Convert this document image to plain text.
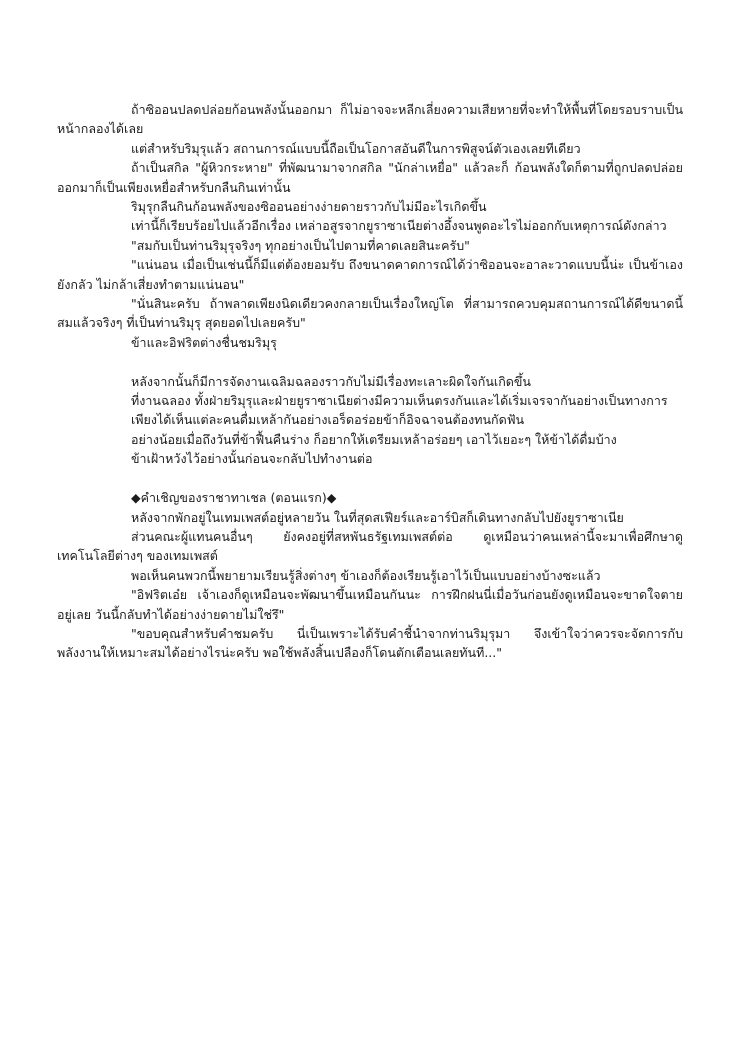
ถ้าซิออนปลดปล่อยก้อนพลังนั้นออกมา ก็ไม่อาจจะหลีกเลี่ยงความเสียหายที่จะทำให้พื้นที่โดยรอบราบเป็นหน้ากลองได้เลย

แต่สำหรับริมุรุแล้ว สถานการณ์แบบนี้ถือเป็นโอกาสอันดีในการพิสูจน์ตัวเองเลยทีเดียว

ถ้าเป็นสกิล "ผู้หิวกระหาย" ที่พัฒนามาจากสกิล "นักล่าเหยื่อ" แล้วละก็ ก้อนพลังใดก็ตามที่ถูกปลดปล่อยออกมาก็เป็นเพียงเหยื่อสำหรับกลืนกินเท่านั้น

ริมุรุกลืนกินก้อนพลังของซิออนอย่างง่ายดายราวกับไม่มีอะไรเกิดขึ้น

เท่านี้ก็เรียบร้อยไปแล้วอีกเรื่อง เหล่าอสูรจากยูราซาเนียต่างอึ้งจนพูดอะไรไม่ออกกับเหตุการณ์ดังกล่าว

"สมกับเป็นท่านริมุรุจริงๆ ทุกอย่างเป็นไปตามที่คาดเลยสินะครับ"

"แน่นอน เมื่อเป็นเช่นนี้ก็มีแต่ต้องยอมรับ ถึงขนาดคาดการณ์ได้ว่าซิออนจะอาละวาดแบบนี้น่ะ เป็นข้าเองยังกลัว ไม่กล้าเสี่ยงทำตามแน่นอน"

"นั่นสินะครับ ถ้าพลาดเพียงนิดเดียวคงกลายเป็นเรื่องใหญ่โต ที่สามารถควบคุมสถานการณ์ได้ดีขนาดนี้ สมแล้วจริงๆ ที่เป็นท่านริมุรุ สุดยอดไปเลยครับ"

ข้าและอิฟริตต่างชื่นชมริมุรุ

หลังจากนั้นก็มีการจัดงานเฉลิมฉลองราวกับไม่มีเรื่องทะเลาะผิดใจกันเกิดขึ้น

ที่งานฉลอง ทั้งฝ่ายริมุรุและฝ่ายยูราซาเนียต่างมีความเห็นตรงกันและได้เริ่มเจรจากันอย่างเป็นทางการ

เพียงได้เห็นแต่ละคนดื่มเหล้ากันอย่างเอร็ดอร่อยข้าก็อิจฉาจนต้องทนกัดฟัน

อย่างน้อยเมื่อถึงวันที่ข้าฟื้นคืนร่าง ก็อยากให้เตรียมเหล้าอร่อยๆ เอาไว้เยอะๆ ให้ข้าได้ดื่มบ้าง

ข้าเฝ้าหวังไว้อย่างนั้นก่อนจะกลับไปทำงานต่อ

◆คำเชิญของราชาทาเชล (ตอนแรก)◆

หลังจากพักอยู่ในเทมเพสต์อยู่หลายวัน ในที่สุดสเฟียร์และอาร์บิสก็เดินทางกลับไปยังยูราซาเนีย

ส่วนคณะผู้แทนคนอื่นๆ ยังคงอยู่ที่สหพันธรัฐเทมเพสต์ต่อ ดูเหมือนว่าคนเหล่านี้จะมาเพื่อศึกษาดูเทคโนโลยีต่างๆ ของเทมเพสต์

พอเห็นคนพวกนี้พยายามเรียนรู้สิ่งต่างๆ ข้าเองก็ต้องเรียนรู้เอาไว้เป็นแบบอย่างบ้างซะแล้ว

"อิฟริตเอ๋ย เจ้าเองก็ดูเหมือนจะพัฒนาขึ้นเหมือนกันนะ การฝึกฝนนี่เมื่อวันก่อนยังดูเหมือนจะขาดใจตายอยู่เลย วันนี้กลับทำได้อย่างง่ายดายไม่ใช่รึ"

"ขอบคุณสำหรับคำชมครับ นี่เป็นเพราะได้รับคำชี้นำจากท่านริมุรุมา จึงเข้าใจว่าควรจะจัดการกับพลังงานให้เหมาะสมได้อย่างไรน่ะครับ พอใช้พลังสิ้นเปลืองก็โดนตักเตือนเลยทันที..."
